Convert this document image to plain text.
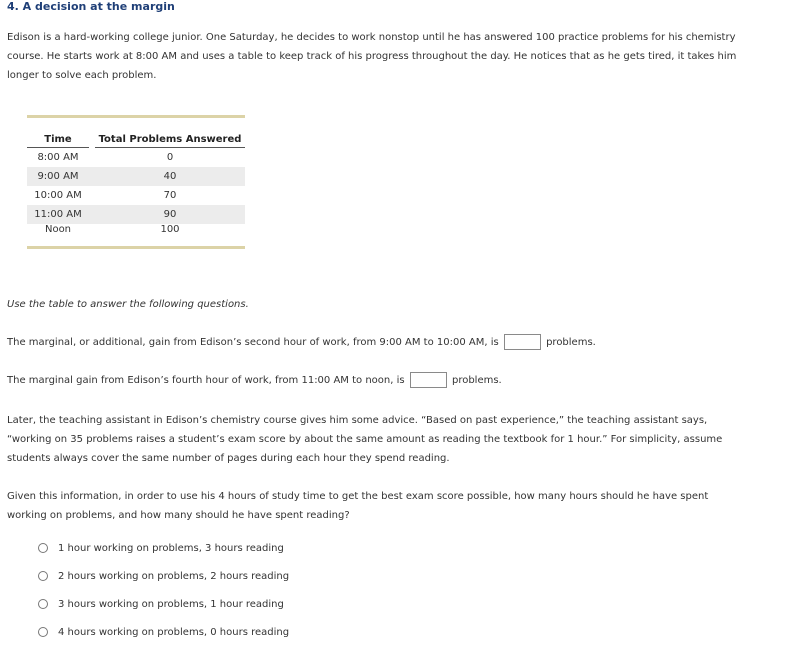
4. A decision at the margin

Edison is a hard-working college junior. One Saturday, he decides to work nonstop until he has answered 100 practice problems for his chemistry course. He starts work at 8:00 AM and uses a table to keep track of his progress throughout the day. He notices that as he gets tired, it takes him longer to solve each problem.

Time		Total Problems Answered
8:00 AM		0
9:00 AM		40
10:00 AM		70
11:00 AM		90
Noon		100
Use the table to answer the following questions.
The marginal, or additional, gain from Edison’s second hour of work, from 9:00 AM to 10:00 AM, is	problems.
The marginal gain from Edison’s fourth hour of work, from 11:00 AM to noon, is	problems.

Later, the teaching assistant in Edison’s chemistry course gives him some advice. “Based on past experience,” the teaching assistant says, “working on 35 problems raises a student’s exam score by about the same amount as reading the textbook for 1 hour.” For simplicity, assume students always cover the same number of pages during each hour they spend reading.

Given this information, in order to use his 4 hours of study time to get the best exam score possible, how many hours should he have spent working on problems, and how many should he have spent reading?

1 hour working on problems, 3 hours reading
2 hours working on problems, 2 hours reading
3 hours working on problems, 1 hour reading
4 hours working on problems, 0 hours reading
